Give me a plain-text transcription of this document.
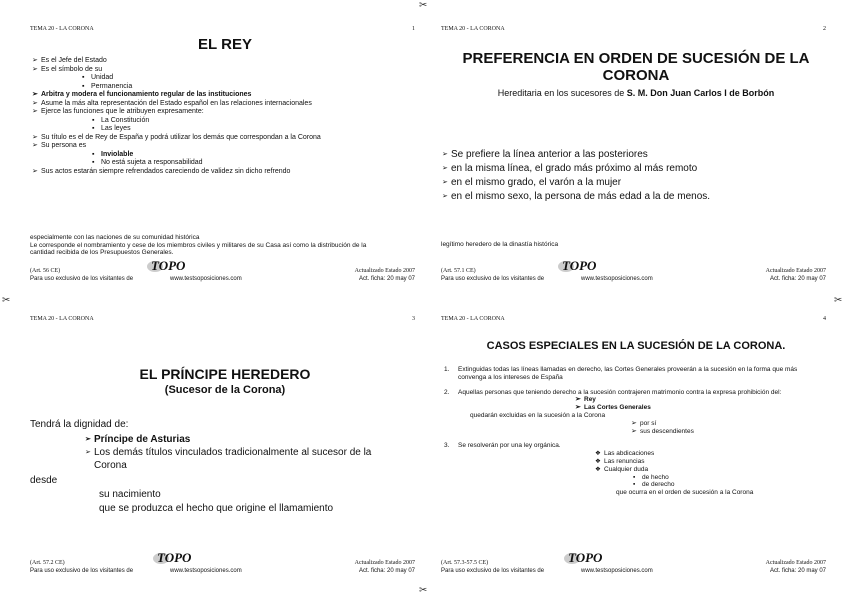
✂
✂
✂	✂
TEMA 20 - LA CORONA	1
EL REY
➢ Es el Jefe del Estado
➢ Es el símbolo de su
▪ Unidad
▪ Permanencia
➢ Arbitra y modera el funcionamiento regular de las instituciones
➢ Asume la más alta representación del Estado español en las relaciones internacionales
➢ Ejerce las funciones que le atribuyen expresamente:
▪ La Constitución
▪ Las leyes
➢ Su título es el de Rey de España y podrá utilizar los demás que correspondan a la Corona
➢ Su persona es
▪ Inviolable
▪ No está sujeta a responsabilidad
➢ Sus actos estarán siempre refrendados careciendo de validez sin dicho refrendo
especialmente con las naciones de su comunidad histórica
Le corresponde el nombramiento y cese de los miembros civiles y militares de su Casa así como la distribución de la cantidad recibida de los Presupuestos Generales.
(Art. 56 CE)	Actualizado Estado 2007
Para uso exclusivo de los visitantes de	www.testsoposiciones.com	Act. ficha: 20 may 07
TOPO
TEMA 20 - LA CORONA	2
PREFERENCIA EN ORDEN DE SUCESIÓN DE LA CORONA
Hereditaria en los sucesores de S. M. Don Juan Carlos I de Borbón
➢ Se prefiere la línea anterior a las posteriores
➢ en la misma línea, el grado más próximo al más remoto
➢ en el mismo grado, el varón a la mujer
➢ en el mismo sexo, la persona de más edad a la de menos.
legítimo heredero de la dinastía histórica
(Art. 57.1 CE)	Actualizado Estado 2007
Para uso exclusivo de los visitantes de	www.testsoposiciones.com	Act. ficha: 20 may 07
TOPO
TEMA 20 - LA CORONA	3
EL PRÍNCIPE HEREDERO
(Sucesor de la Corona)
Tendrá la dignidad de:
➢ Príncipe de Asturias
➢ Los demás títulos vinculados tradicionalmente al sucesor de la Corona
desde
su nacimiento
que se produzca el hecho que origine el llamamiento
(Art. 57.2 CE)	Actualizado Estado 2007
Para uso exclusivo de los visitantes de	www.testsoposiciones.com	Act. ficha: 20 may 07
TOPO
TEMA 20 - LA CORONA	4
CASOS ESPECIALES EN LA SUCESIÓN DE LA CORONA.
1. Extinguidas todas las líneas llamadas en derecho, las Cortes Generales proveerán a la sucesión en la forma que más convenga a los intereses de España
2. Aquellas personas que teniendo derecho a la sucesión contrajeren matrimonio contra la expresa prohibición del:
➢ Rey
➢ Las Cortes Generales
quedarán excluidas en la sucesión a la Corona
➢ por sí
➢ sus descendientes
3. Se resolverán por una ley orgánica.
❖ Las abdicaciones
❖ Las renuncias
❖ Cualquier duda
▪ de hecho
▪ de derecho
que ocurra en el orden de sucesión a la Corona
(Art. 57.3-57.5 CE)	Actualizado Estado 2007
Para uso exclusivo de los visitantes de	www.testsoposiciones.com	Act. ficha: 20 may 07
TOPO
